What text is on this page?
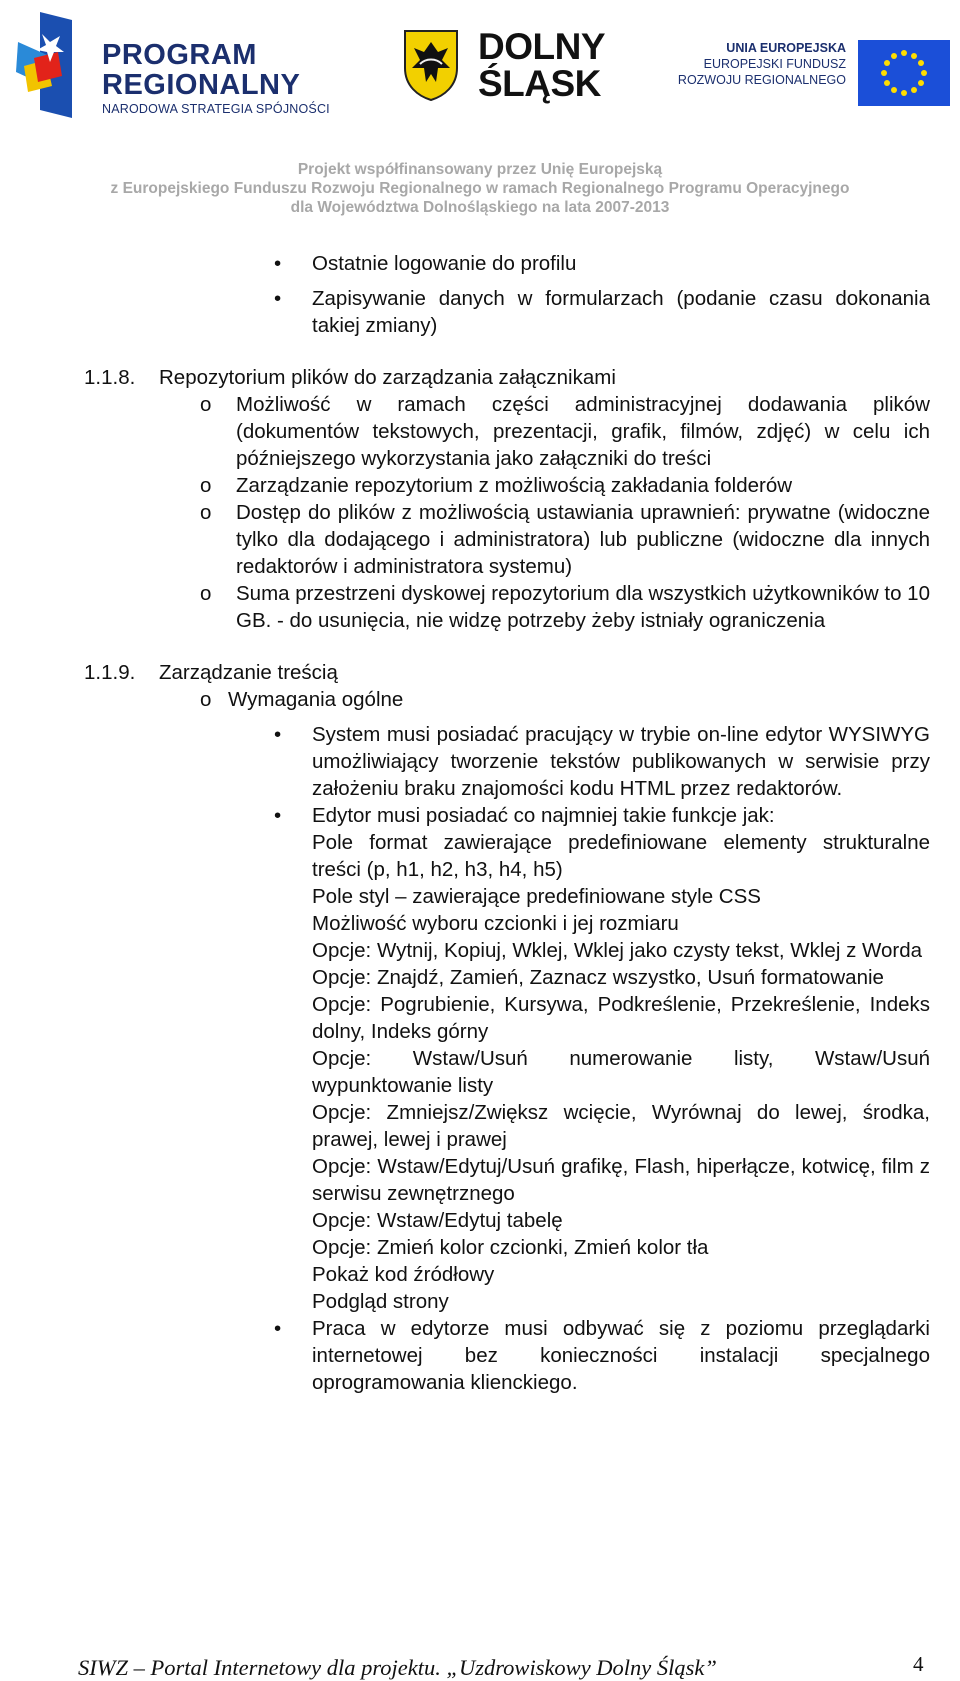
PROGRAM
REGIONALNY
NARODOWA STRATEGIA SPÓJNOŚCI
DOLNY
ŚLĄSK
UNIA EUROPEJSKA
EUROPEJSKI FUNDUSZ
ROZWOJU REGIONALNEGO
Projekt współfinansowany przez Unię Europejską
z Europejskiego Funduszu Rozwoju Regionalnego w ramach Regionalnego Programu Operacyjnego
dla Województwa Dolnośląskiego na lata 2007-2013
• Ostatnie logowanie do profilu
• Zapisywanie danych w formularzach (podanie czasu dokonania takiej zmiany)
1.1.8. Repozytorium plików do zarządzania załącznikami
o Możliwość w ramach części administracyjnej dodawania plików (dokumentów tekstowych, prezentacji, grafik, filmów, zdjęć) w celu ich późniejszego wykorzystania jako załączniki do treści
o Zarządzanie repozytorium z możliwością zakładania folderów
o Dostęp do plików z możliwością ustawiania uprawnień: prywatne (widoczne tylko dla dodającego i administratora) lub publiczne (widoczne dla innych redaktorów i administratora systemu)
o Suma przestrzeni dyskowej repozytorium dla wszystkich użytkowników to 10 GB. - do usunięcia, nie widzę potrzeby żeby istniały ograniczenia
1.1.9. Zarządzanie treścią
o Wymagania ogólne
• System musi posiadać pracujący w trybie on-line edytor WYSIWYG umożliwiający tworzenie tekstów publikowanych w serwisie przy założeniu braku znajomości kodu HTML przez redaktorów.
• Edytor musi posiadać co najmniej takie funkcje jak:
Pole format zawierające predefiniowane elementy strukturalne treści (p, h1, h2, h3, h4, h5)
Pole styl – zawierające predefiniowane style CSS
Możliwość wyboru czcionki i jej rozmiaru
Opcje: Wytnij, Kopiuj, Wklej, Wklej jako czysty tekst, Wklej z Worda
Opcje: Znajdź, Zamień, Zaznacz wszystko, Usuń formatowanie
Opcje: Pogrubienie, Kursywa, Podkreślenie, Przekreślenie, Indeks dolny, Indeks górny
Opcje: Wstaw/Usuń numerowanie listy, Wstaw/Usuń wypunktowanie listy
Opcje: Zmniejsz/Zwiększ wcięcie, Wyrównaj do lewej, środka, prawej, lewej i prawej
Opcje: Wstaw/Edytuj/Usuń grafikę, Flash, hiperłącze, kotwicę, film z serwisu zewnętrznego
Opcje: Wstaw/Edytuj tabelę
Opcje: Zmień kolor czcionki, Zmień kolor tła
Pokaż kod źródłowy
Podgląd strony
• Praca w edytorze musi odbywać się z poziomu przeglądarki internetowej bez konieczności instalacji specjalnego oprogramowania klienckiego.
4
SIWZ – Portal Internetowy dla projektu. „Uzdrowiskowy Dolny Śląsk”
